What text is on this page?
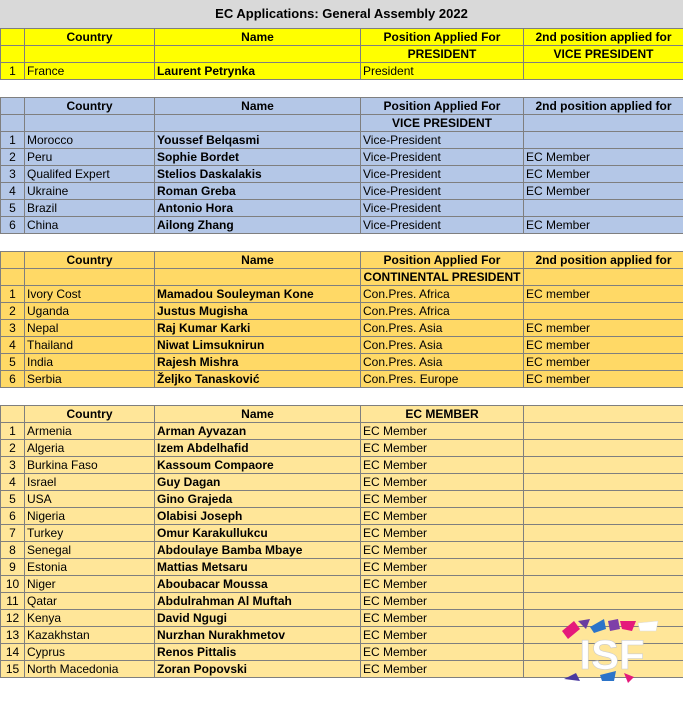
EC Applications: General Assembly 2022
	Country	Name	Position Applied For	2nd position applied for
			PRESIDENT	VICE PRESIDENT
1	France	Laurent Petrynka	President	
	Country	Name	Position Applied For	2nd position applied for
			VICE PRESIDENT	
1	Morocco	Youssef Belqasmi	Vice-President	
2	Peru	Sophie Bordet	Vice-President	EC Member
3	Qualifed Expert	Stelios Daskalakis	Vice-President	EC Member
4	Ukraine	Roman Greba	Vice-President	EC Member
5	Brazil	Antonio Hora	Vice-President	
6	China	Ailong Zhang	Vice-President	EC Member
	Country	Name	Position Applied For	2nd position applied for
			CONTINENTAL PRESIDENT	
1	Ivory Cost	Mamadou Souleyman Kone	Con.Pres. Africa	EC member
2	Uganda	Justus Mugisha	Con.Pres. Africa	
3	Nepal	Raj Kumar Karki	Con.Pres. Asia	EC member
4	Thailand	Niwat Limsuknirun	Con.Pres. Asia	EC member
5	India	Rajesh Mishra	Con.Pres. Asia	EC member
6	Serbia	Željko Tanasković	Con.Pres. Europe	EC member
	Country	Name	EC MEMBER	
1	Armenia	Arman Ayvazan	EC Member	
2	Algeria	Izem Abdelhafid	EC Member	
3	Burkina Faso	Kassoum Compaore	EC Member	
4	Israel	Guy Dagan	EC Member	
5	USA	Gino Grajeda	EC Member	
6	Nigeria	Olabisi Joseph	EC Member	
7	Turkey	Omur Karakullukcu	EC Member	
8	Senegal	Abdoulaye Bamba Mbaye	EC Member	
9	Estonia	Mattias Metsaru	EC Member	
10	Niger	Aboubacar Moussa	EC Member	
11	Qatar	Abdulrahman Al Muftah	EC Member	
12	Kenya	David Ngugi	EC Member	
13	Kazakhstan	Nurzhan Nurakhmetov	EC Member	
14	Cyprus	Renos Pittalis	EC Member	
15	North Macedonia	Zoran Popovski	EC Member		ISF
